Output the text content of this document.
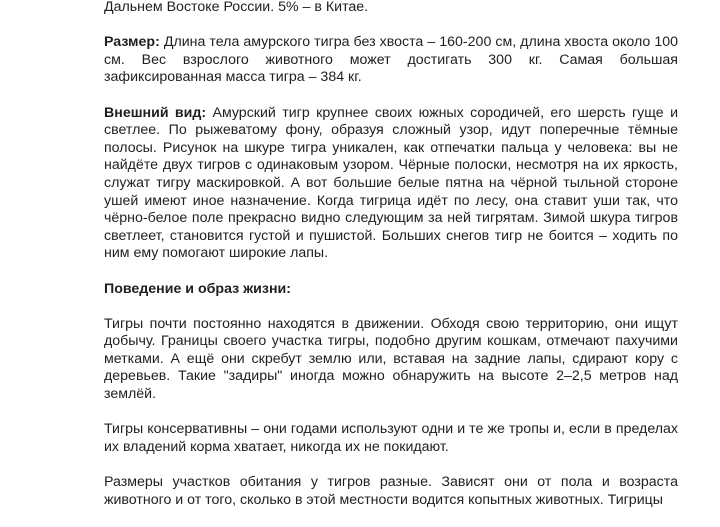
Дальнем Востоке России. 5% – в Китае.

Размер: Длина тела амурского тигра без хвоста – 160-200 см, длина хвоста около 100 см. Вес взрослого животного может достигать 300 кг. Самая большая зафиксированная масса тигра – 384 кг.

Внешний вид: Амурский тигр крупнее своих южных сородичей, его шерсть гуще и светлее. По рыжеватому фону, образуя сложный узор, идут поперечные тёмные полосы. Рисунок на шкуре тигра уникален, как отпечатки пальца у человека: вы не найдёте двух тигров с одинаковым узором. Чёрные полоски, несмотря на их яркость, служат тигру маскировкой. А вот большие белые пятна на чёрной тыльной стороне ушей имеют иное назначение. Когда тигрица идёт по лесу, она ставит уши так, что чёрно-белое поле прекрасно видно следующим за ней тигрятам. Зимой шкура тигров светлеет, становится густой и пушистой. Больших снегов тигр не боится – ходить по ним ему помогают широкие лапы.

Поведение и образ жизни:

Тигры почти постоянно находятся в движении. Обходя свою территорию, они ищут добычу. Границы своего участка тигры, подобно другим кошкам, отмечают пахучими метками. А ещё они скребут землю или, вставая на задние лапы, сдирают кору с деревьев. Такие "задиры" иногда можно обнаружить на высоте 2–2,5 метров над землёй.

Тигры консервативны – они годами используют одни и те же тропы и, если в пределах их владений корма хватает, никогда их не покидают.

Размеры участков обитания у тигров разные. Зависят они от пола и возраста животного и от того, сколько в этой местности водится копытных животных. Тигрицы
